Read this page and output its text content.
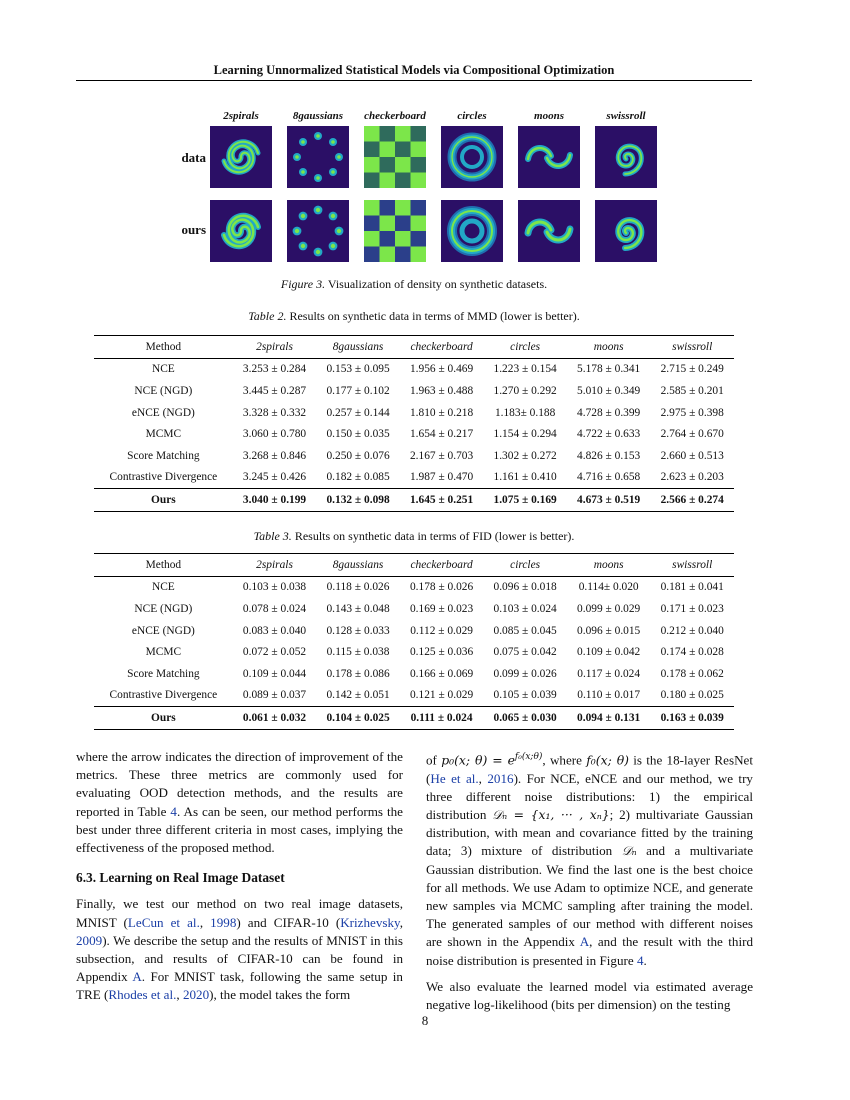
Learning Unnormalized Statistical Models via Compositional Optimization
2spirals	8gaussians	checkerboard	circles	moons	swissroll
data
ours
Figure 3. Visualization of density on synthetic datasets.
Table 2. Results on synthetic data in terms of MMD (lower is better).
Method	2spirals	8gaussians	checkerboard	circles	moons	swissroll
NCE	3.253 ± 0.284	0.153 ± 0.095	1.956 ± 0.469	1.223 ± 0.154	5.178 ± 0.341	2.715 ± 0.249
NCE (NGD)	3.445 ± 0.287	0.177 ± 0.102	1.963 ± 0.488	1.270 ± 0.292	5.010 ± 0.349	2.585 ± 0.201
eNCE (NGD)	3.328 ± 0.332	0.257 ± 0.144	1.810 ± 0.218	1.183± 0.188	4.728 ± 0.399	2.975 ± 0.398
MCMC	3.060 ± 0.780	0.150 ± 0.035	1.654 ± 0.217	1.154 ± 0.294	4.722 ± 0.633	2.764 ± 0.670
Score Matching	3.268 ± 0.846	0.250 ± 0.076	2.167 ± 0.703	1.302 ± 0.272	4.826 ± 0.153	2.660 ± 0.513
Contrastive Divergence	3.245 ± 0.426	0.182 ± 0.085	1.987 ± 0.470	1.161 ± 0.410	4.716 ± 0.658	2.623 ± 0.203
Ours	3.040 ± 0.199	0.132 ± 0.098	1.645 ± 0.251	1.075 ± 0.169	4.673 ± 0.519	2.566 ± 0.274
Table 3. Results on synthetic data in terms of FID (lower is better).
Method	2spirals	8gaussians	checkerboard	circles	moons	swissroll
NCE	0.103 ± 0.038	0.118 ± 0.026	0.178 ± 0.026	0.096 ± 0.018	0.114± 0.020	0.181 ± 0.041
NCE (NGD)	0.078 ± 0.024	0.143 ± 0.048	0.169 ± 0.023	0.103 ± 0.024	0.099 ± 0.029	0.171 ± 0.023
eNCE (NGD)	0.083 ± 0.040	0.128 ± 0.033	0.112 ± 0.029	0.085 ± 0.045	0.096 ± 0.015	0.212 ± 0.040
MCMC	0.072 ± 0.052	0.115 ± 0.038	0.125 ± 0.036	0.075 ± 0.042	0.109 ± 0.042	0.174 ± 0.028
Score Matching	0.109 ± 0.044	0.178 ± 0.086	0.166 ± 0.069	0.099 ± 0.026	0.117 ± 0.024	0.178 ± 0.062
Contrastive Divergence	0.089 ± 0.037	0.142 ± 0.051	0.121 ± 0.029	0.105 ± 0.039	0.110 ± 0.017	0.180 ± 0.025
Ours	0.061 ± 0.032	0.104 ± 0.025	0.111 ± 0.024	0.065 ± 0.030	0.094 ± 0.131	0.163 ± 0.039

where the arrow indicates the direction of improvement of the metrics. These three metrics are commonly used for evaluating OOD detection methods, and the results are reported in Table 4. As can be seen, our method performs the best under three different criteria in most cases, implying the effectiveness of the proposed method.

6.3. Learning on Real Image Dataset

Finally, we test our method on two real image datasets, MNIST (LeCun et al., 1998) and CIFAR-10 (Krizhevsky, 2009). We describe the setup and the results of MNIST in this subsection, and results of CIFAR-10 can be found in Appendix A. For MNIST task, following the same setup in TRE (Rhodes et al., 2020), the model takes the form

of p₀(x; $\theta) = e^{f_0(x;\theta)}$, where f₀(x; θ) is the 18-layer ResNet (He et al., 2016). For NCE, eNCE and our method, we try three different noise distributions: 1) the empirical distribution 𝒟ₙ = {x₁, ··· , xₙ}; 2) multivariate Gaussian distribution, with mean and covariance fitted by the training data; 3) mixture of distribution 𝒟ₙ and a multivariate Gaussian distribution. We find the last one is the best choice for all methods. We use Adam to optimize NCE, and generate new samples via MCMC sampling after training the model. The generated samples of our method with different noises are shown in the Appendix A, and the result with the third noise distribution is presented in Figure 4.

We also evaluate the learned model via estimated average negative log-likelihood (bits per dimension) on the testing

8
